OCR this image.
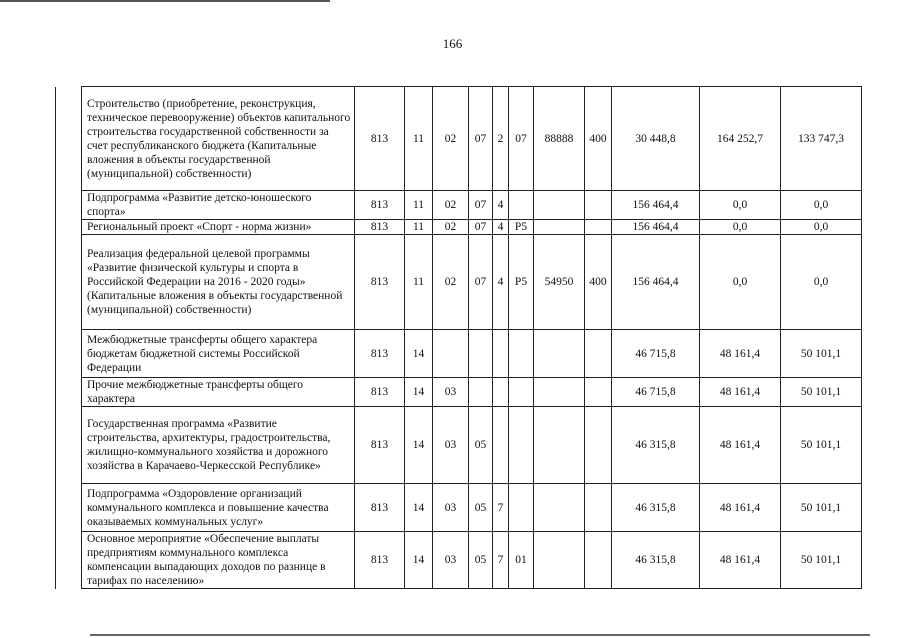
166
	Строительство (приобретение, реконструкция, техническое перевооружение) объектов капитального строительства государственной собственности за счет республиканского бюджета (Капитальные вложения в объекты государственной (муниципальной) собственности)	813	11	02	07	2	07	88888	400	30 448,8	164 252,7	133 747,3
	Подпрограмма «Развитие детско-юношеского спорта»	813	11	02	07	4				156 464,4	0,0	0,0
	Региональный проект «Спорт - норма жизни»	813	11	02	07	4	P5			156 464,4	0,0	0,0
	Реализация федеральной целевой программы «Развитие физической культуры и спорта в Российской Федерации на 2016 - 2020 годы» (Капитальные вложения в объекты государственной (муниципальной) собственности)	813	11	02	07	4	P5	54950	400	156 464,4	0,0	0,0
	Межбюджетные трансферты общего характера бюджетам бюджетной системы Российской Федерации	813	14							46 715,8	48 161,4	50 101,1
	Прочие межбюджетные трансферты общего характера	813	14	03						46 715,8	48 161,4	50 101,1
	Государственная программа «Развитие строительства, архитектуры, градостроительства, жилищно-коммунального хозяйства и дорожного хозяйства в Карачаево-Черкесской Республике»	813	14	03	05					46 315,8	48 161,4	50 101,1
	Подпрограмма «Оздоровление организаций коммунального комплекса и повышение качества оказываемых коммунальных услуг»	813	14	03	05	7				46 315,8	48 161,4	50 101,1
	Основное мероприятие «Обеспечение выплаты предприятиям коммунального комплекса компенсации выпадающих доходов по разнице в тарифах по населению»	813	14	03	05	7	01			46 315,8	48 161,4	50 101,1
